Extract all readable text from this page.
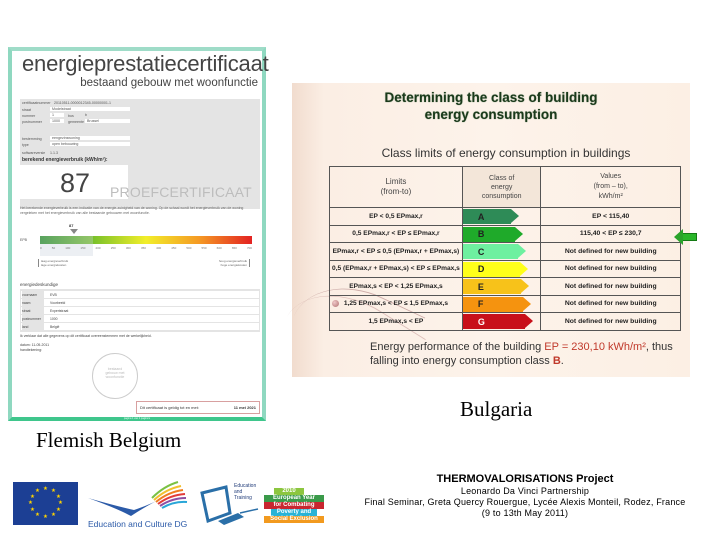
energieprestatiecertificaat
bestaand gebouw met woonfunctie
certificaatnummer 20110511-0000012345-00000001-1
straat	Modelstraat
nummer	1	bus	b
postnummer	1000 gemeente Brussel
bestemming	eengezinswoning
type	open bebouwing
softwareversie 1.1.3
berekend energieverbruik (kWh/m²):
87 PROEFCERTIFICAAT
Het berekende energieverbruik is een indicatie van de energie-zuinigheid van de woning. Op de schaal wordt het energieverbruik van de woning vergeleken met het energieverbruik van alle bestaande gebouwen met woonfunctie.
87
EPB
0	50	100	150	200	250	300	350	400	450	500	550	600	650	700
laag energieverbruik
lage energiekosten
hoog energieverbruik
hoge energiekosten
energiedeskundige
voornaam	EVB
naam	Voorbeeld
straat	Expertstraat
postnummer	1000
land	België
Ik verklaar dat alle gegevens op dit certificaat overeenstemmen met de werkelijkheid.
datum: 11-05-2011
handtekening:
bestaand
gebouw met
woonfunctie
Dit certificaat is geldig tot en met:	11 mei 2021
pagina 1 van 4 pagina's
Flemish Belgium
Determining the class of building
energy consumption
Class limits of energy consumption in buildings
Limits
(from-to)

Class of
energy
consumption

Values
(from – to),
kWh/m²

EP < 0,5 EPmax,r	A	EP < 115,40
0,5 EPmax,r < EP ≤ EPmax,r	B	115,40 < EP ≤ 230,7
EPmax,r < EP ≤ 0,5 (EPmax,r + EPmax,s)	C	Not defined for new building
0,5 (EPmax,r + EPmax,s) < EP ≤ EPmax,s	D	Not defined for new building
EPmax,s < EP < 1,25 EPmax,s	E	Not defined for new building
1,25 EPmax,s < EP ≤ 1,5 EPmax,s	F	Not defined for new building
1,5 EPmax,s < EP	G	Not defined for new building
Energy performance of the building EP = 230,10 kWh/m², thus
falling into energy consumption class B.
Bulgaria
★ ★
★
★
★
★
★
★
★
★
★
★
Education and Culture DG
Education
and
Training
2010
European Year
for Combating
Poverty and
Social Exclusion
THERMOVALORISATIONS Project
Leonardo Da Vinci Partnership
Final Seminar, Greta Quercy Rouergue, Lycée Alexis Monteil, Rodez, France
(9 to 13th May 2011)
